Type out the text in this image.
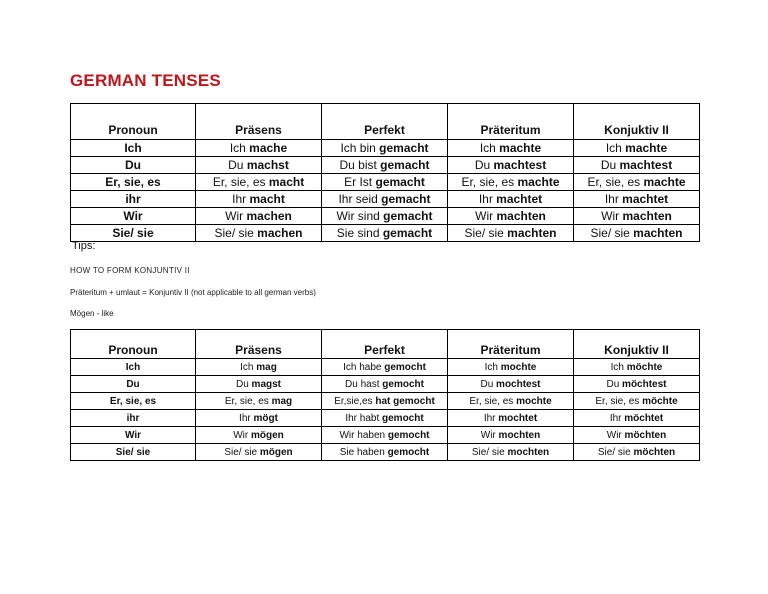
GERMAN TENSES
Pronoun	Präsens	Perfekt	Präteritum	Konjuktiv II
Ich	Ich mache	Ich bin gemacht	Ich machte	Ich machte
Du	Du machst	Du bist gemacht	Du machtest	Du machtest
Er, sie, es	Er, sie, es macht	Er Ist gemacht	Er, sie, es machte	Er, sie, es machte
ihr	Ihr macht	Ihr seid gemacht	Ihr machtet	Ihr machtet
Wir	Wir machen	Wir sind gemacht	Wir machten	Wir machten
Sie/ sie	Sie/ sie machen	Sie sind gemacht	Sie/ sie machten	Sie/ sie machten
Tips:
HOW TO FORM KONJUNTIV II
Präteritum + umlaut = Konjuntiv II (not applicable to all german verbs)
Mögen - like
Pronoun	Präsens	Perfekt	Präteritum	Konjuktiv II
Ich	Ich mag	Ich habe gemocht	Ich mochte	Ich möchte
Du	Du magst	Du hast gemocht	Du mochtest	Du möchtest
Er, sie, es	Er, sie, es mag	Er,sie,es hat gemocht	Er, sie, es mochte	Er, sie, es möchte
ihr	Ihr mögt	Ihr habt gemocht	Ihr mochtet	Ihr möchtet
Wir	Wir mögen	Wir haben gemocht	Wir mochten	Wir möchten
Sie/ sie	Sie/ sie mögen	Sie haben gemocht	Sie/ sie mochten	Sie/ sie möchten
